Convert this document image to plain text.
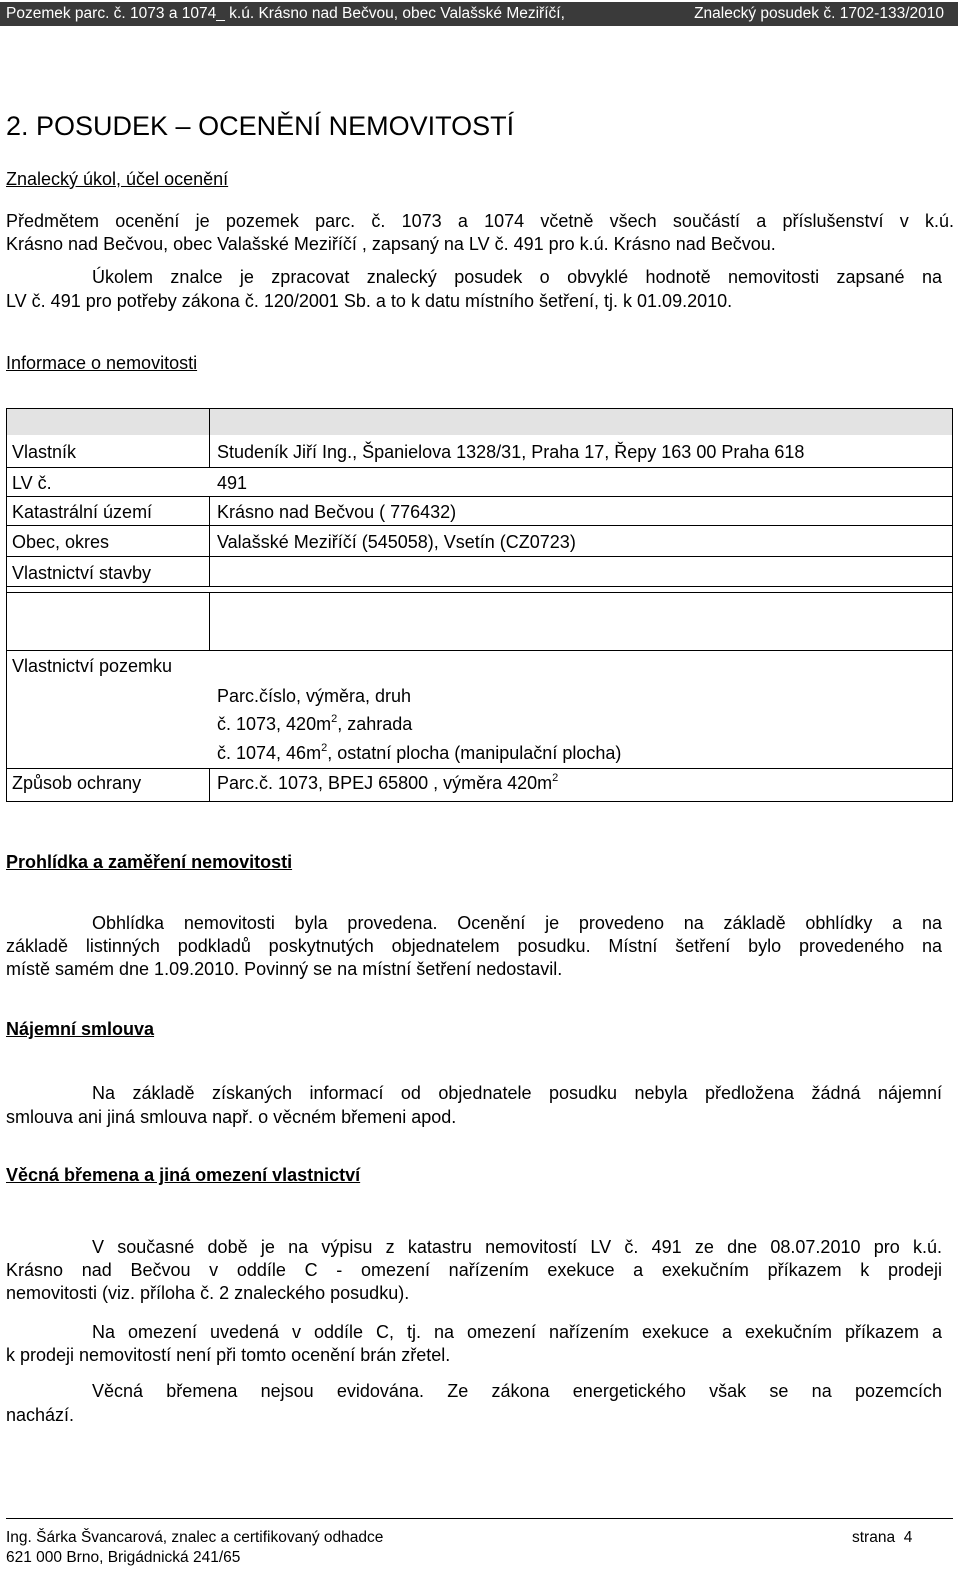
Pozemek parc. č. 1073 a 1074_ k.ú. Krásno nad Bečvou, obec Valašské Meziříčí,	Znalecký posudek č. 1702-133/2010
2. POSUDEK – OCENĚNÍ NEMOVITOSTÍ
Znalecký úkol, účel ocenění
Předmětem ocenění je pozemek parc. č. 1073 a 1074 včetně všech součástí a příslušenství v k.ú.
Krásno nad Bečvou, obec Valašské Meziříčí , zapsaný na LV č. 491 pro k.ú. Krásno nad Bečvou.
Úkolem znalce je zpracovat znalecký posudek o obvyklé hodnotě nemovitosti zapsané na
LV č. 491 pro potřeby zákona č. 120/2001 Sb. a to k datu místního šetření, tj. k 01.09.2010.
Informace o nemovitosti
Vlastník	Studeník Jiří Ing., Španielova 1328/31, Praha 17, Řepy 163 00 Praha 618
LV č.	491
Katastrální území	Krásno nad Bečvou ( 776432)
Obec, okres	Valašské Meziříčí (545058), Vsetín (CZ0723)
Vlastnictví stavby
Vlastnictví pozemku
Parc.číslo, výměra, druh
č. 1073, $420m^2$, zahrada
č. 1074, $46m^2$, ostatní plocha (manipulační plocha)
Způsob ochrany	Parc.č. 1073, BPEJ 65800 , výměra $420m^2$
Prohlídka a zaměření nemovitosti
Obhlídka nemovitosti byla provedena. Ocenění je provedeno na základě obhlídky a na
základě listinných podkladů poskytnutých objednatelem posudku. Místní šetření bylo provedeného na
místě samém dne 1.09.2010. Povinný se na místní šetření nedostavil.
Nájemní smlouva
Na základě získaných informací od objednatele posudku nebyla předložena žádná nájemní
smlouva ani jiná smlouva např. o věcném břemeni apod.
Věcná břemena a jiná omezení vlastnictví
V současné době je na výpisu z katastru nemovitostí LV č. 491 ze dne 08.07.2010 pro k.ú.
Krásno nad Bečvou v oddíle C - omezení nařízením exekuce a exekučním příkazem k prodeji
nemovitosti (viz. příloha č. 2 znaleckého posudku).
Na omezení uvedená v oddíle C, tj. na omezení nařízením exekuce a exekučním příkazem a
k prodeji nemovitostí není při tomto ocenění brán zřetel.
Věcná břemena nejsou evidována. Ze zákona energetického však se na pozemcích
nachází.
Ing. Šárka Švancarová, znalec a certifikovaný odhadce
621 000 Brno, Brigádnická 241/65
strana 4
